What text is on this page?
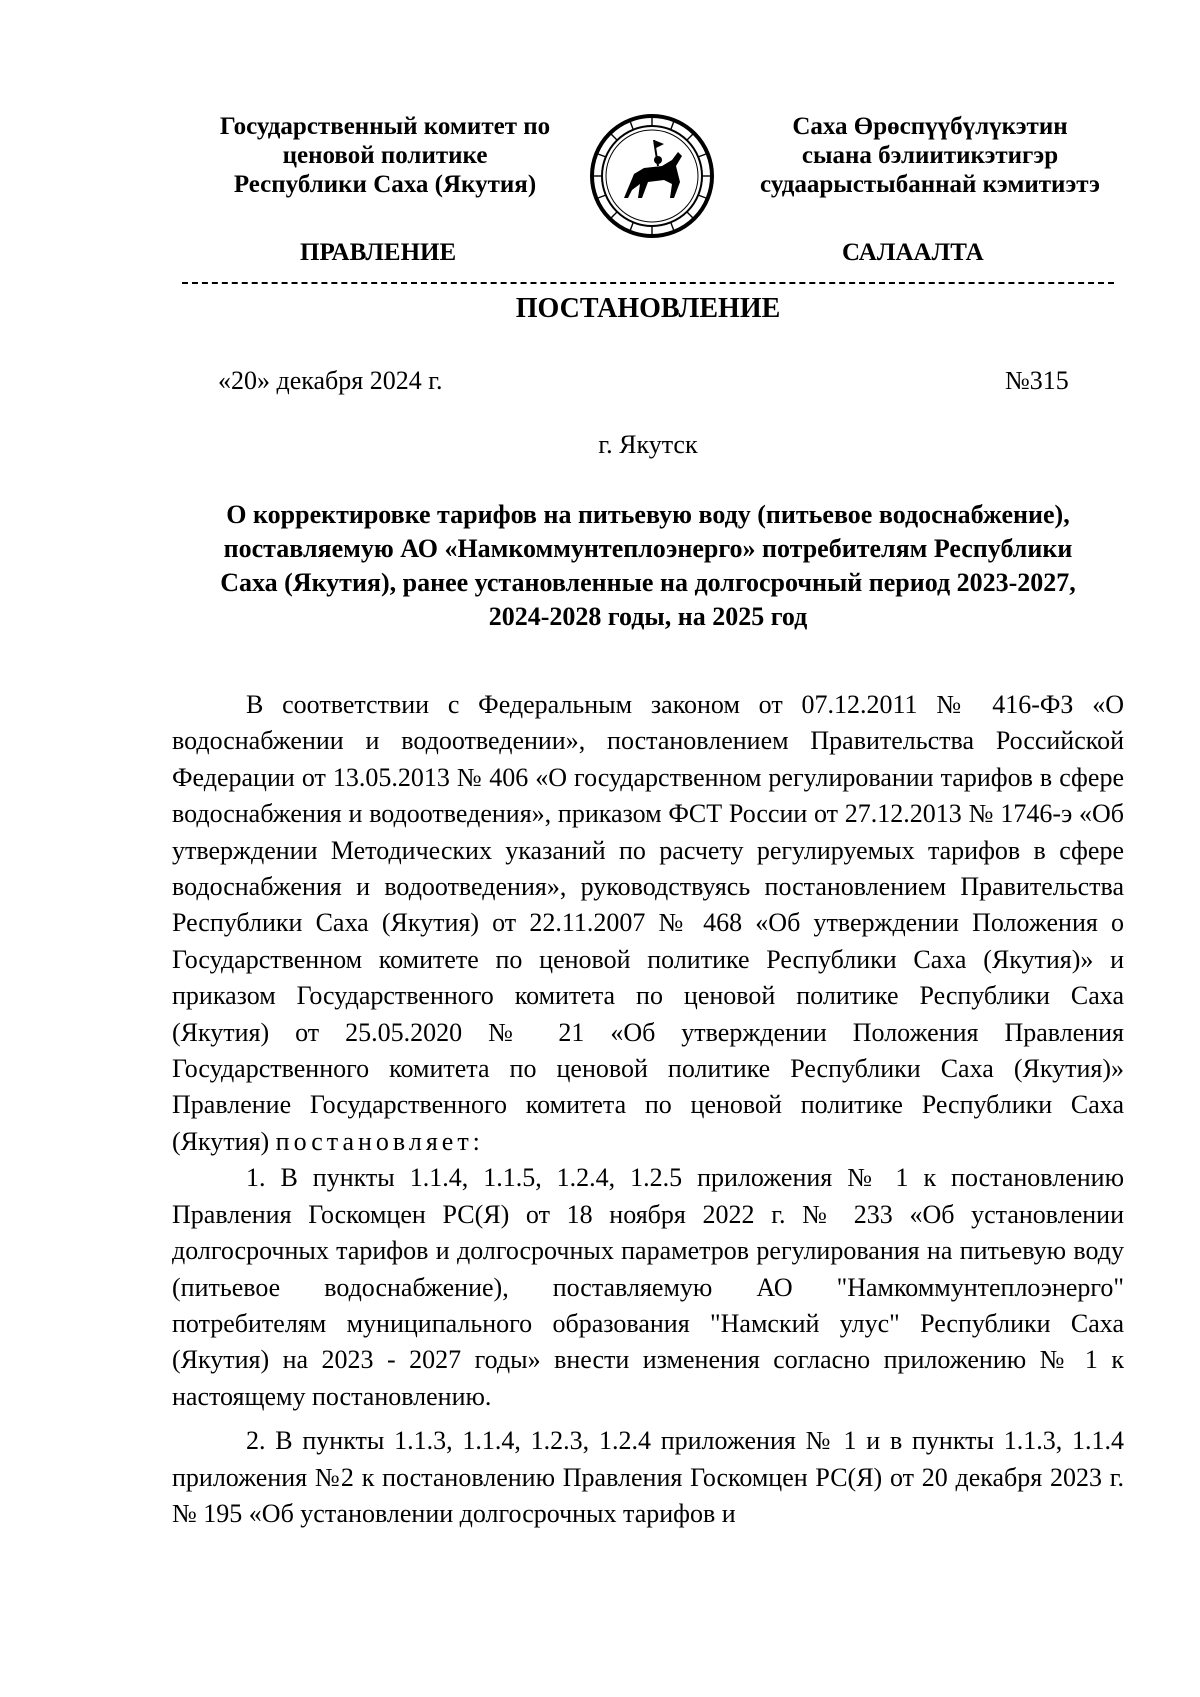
Государственный комитет по
ценовой политике
Республики Саха (Якутия)
Саха Өрөспүүбүлүкэтин
сыана бэлиитикэтигэр
судаарыстыбаннай кэмитиэтэ
ПРАВЛЕНИЕ	САЛААЛТА
ПОСТАНОВЛЕНИЕ
«20» декабря 2024 г.	№315
г. Якутск
О корректировке тарифов на питьевую воду (питьевое водоснабжение),
поставляемую АО «Намкоммунтеплоэнерго» потребителям Республики
Саха (Якутия), ранее установленные на долгосрочный период 2023-2027,
2024-2028 годы, на 2025 год

В соответствии с Федеральным законом от 07.12.2011 № 416-ФЗ «О водоснабжении и водоотведении», постановлением Правительства Российской Федерации от 13.05.2013 № 406 «О государственном регулировании тарифов в сфере водоснабжения и водоотведения», приказом ФСТ России от 27.12.2013 № 1746-э «Об утверждении Методических указаний по расчету регулируемых тарифов в сфере водоснабжения и водоотведения», руководствуясь постановлением Правительства Республики Саха (Якутия) от 22.11.2007 № 468 «Об утверждении Положения о Государственном комитете по ценовой политике Республики Саха (Якутия)» и приказом Государственного комитета по ценовой политике Республики Саха (Якутия) от 25.05.2020 № 21 «Об утверждении Положения Правления Государственного комитета по ценовой политике Республики Саха (Якутия)» Правление Государственного комитета по ценовой политике Республики Саха (Якутия) постановляет:

1. В пункты 1.1.4, 1.1.5, 1.2.4, 1.2.5 приложения № 1 к постановлению Правления Госкомцен РС(Я) от 18 ноября 2022 г. № 233 «Об установлении долгосрочных тарифов и долгосрочных параметров регулирования на питьевую воду (питьевое водоснабжение), поставляемую АО "Намкоммунтеплоэнерго" потребителям муниципального образования "Намский улус" Республики Саха (Якутия) на 2023 - 2027 годы» внести изменения согласно приложению № 1 к настоящему постановлению.

2. В пункты 1.1.3, 1.1.4, 1.2.3, 1.2.4 приложения № 1 и в пункты 1.1.3, 1.1.4 приложения №2 к постановлению Правления Госкомцен РС(Я) от 20 декабря 2023 г. № 195 «Об установлении долгосрочных тарифов и
